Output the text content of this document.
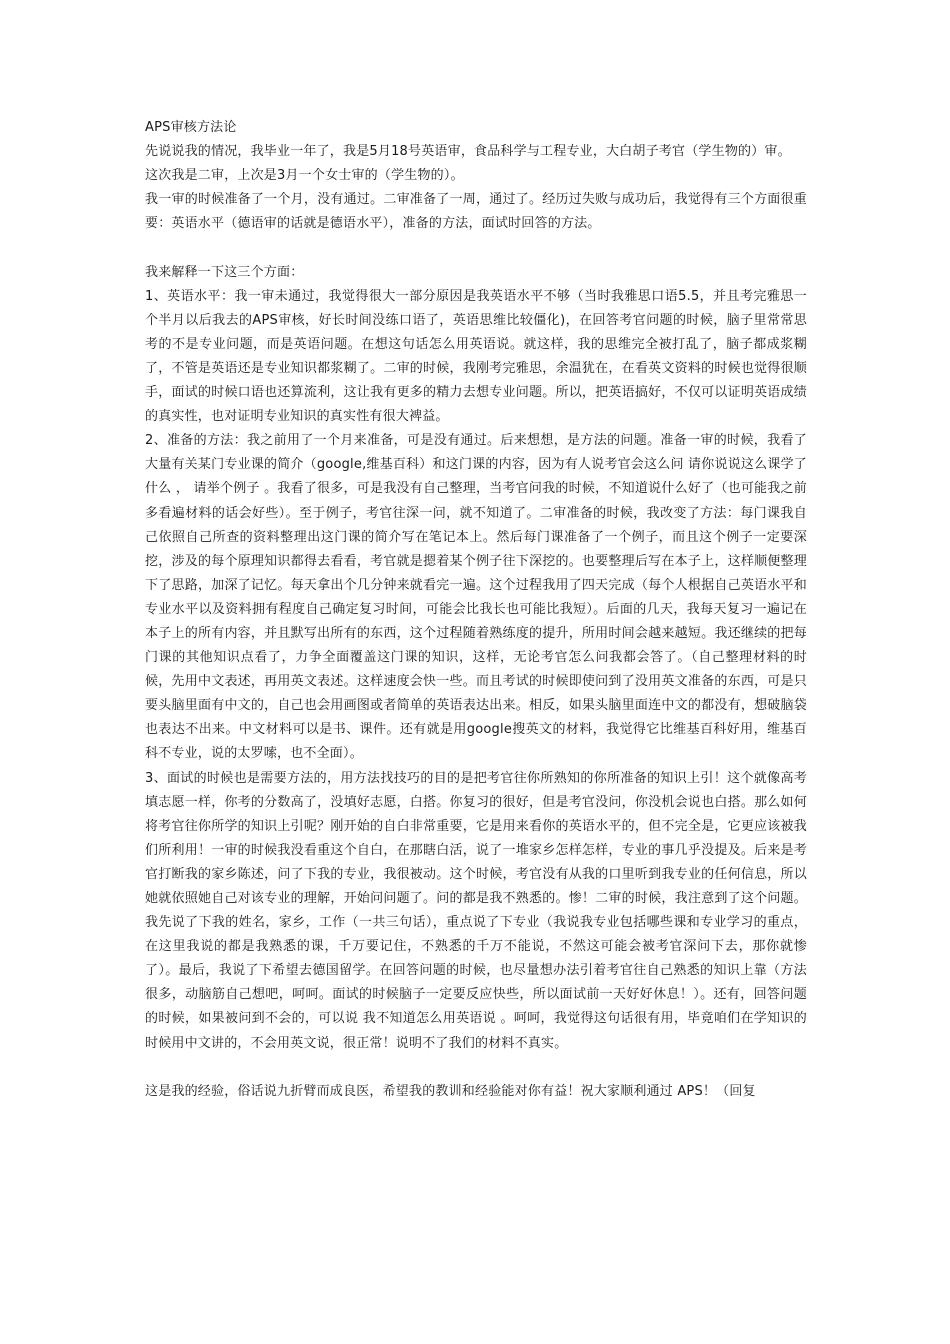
APS审核方法论

先说说我的情况，我毕业一年了，我是5月18号英语审，食品科学与工程专业，大白胡子考官（学生物的）审。

这次我是二审，上次是3月一个女士审的（学生物的）。

我一审的时候准备了一个月，没有通过。二审准备了一周，通过了。经历过失败与成功后，我觉得有三个方面很重要：英语水平（德语审的话就是德语水平），准备的方法，面试时回答的方法。

我来解释一下这三个方面：

1、英语水平：我一审未通过，我觉得很大一部分原因是我英语水平不够（当时我雅思口语5.5，并且考完雅思一个半月以后我去的APS审核，好长时间没练口语了，英语思维比较僵化)，在回答考官问题的时候，脑子里常常思考的不是专业问题，而是英语问题。在想这句话怎么用英语说。就这样，我的思维完全被打乱了，脑子都成浆糊了，不管是英语还是专业知识都浆糊了。二审的时候，我刚考完雅思，余温犹在，在看英文资料的时候也觉得很顺手，面试的时候口语也还算流利，这让我有更多的精力去想专业问题。所以，把英语搞好，不仅可以证明英语成绩的真实性，也对证明专业知识的真实性有很大裨益。

2、准备的方法：我之前用了一个月来准备，可是没有通过。后来想想，是方法的问题。准备一审的时候，我看了大量有关某门专业课的简介（google,维基百科）和这门课的内容，因为有人说考官会这么问 请你说说这么课学了什么 ， 请举个例子 。我看了很多，可是我没有自己整理，当考官问我的时候，不知道说什么好了（也可能我之前多看遍材料的话会好些）。至于例子，考官往深一问，就不知道了。二审准备的时候，我改变了方法：每门课我自己依照自己所查的资料整理出这门课的简介写在笔记本上。然后每门课准备了一个例子，而且这个例子一定要深挖，涉及的每个原理知识都得去看看，考官就是摁着某个例子往下深挖的。也要整理后写在本子上，这样顺便整理下了思路，加深了记忆。每天拿出个几分钟来就看完一遍。这个过程我用了四天完成（每个人根据自己英语水平和专业水平以及资料拥有程度自己确定复习时间，可能会比我长也可能比我短）。后面的几天，我每天复习一遍记在本子上的所有内容，并且默写出所有的东西，这个过程随着熟练度的提升，所用时间会越来越短。我还继续的把每门课的其他知识点看了，力争全面覆盖这门课的知识，这样，无论考官怎么问我都会答了。（自己整理材料的时候，先用中文表述，再用英文表述。这样速度会快一些。而且考试的时候即使问到了没用英文准备的东西，可是只要头脑里面有中文的，自己也会用画图或者简单的英语表达出来。相反，如果头脑里面连中文的都没有，想破脑袋也表达不出来。中文材料可以是书、课件。还有就是用google搜英文的材料，我觉得它比维基百科好用，维基百科不专业，说的太罗嗦，也不全面）。

3、面试的时候也是需要方法的，用方法找技巧的目的是把考官往你所熟知的你所准备的知识上引！这个就像高考填志愿一样，你考的分数高了，没填好志愿，白搭。你复习的很好，但是考官没问，你没机会说也白搭。那么如何将考官往你所学的知识上引呢？刚开始的自白非常重要，它是用来看你的英语水平的，但不完全是，它更应该被我们所利用！一审的时候我没看重这个自白，在那瞎白活，说了一堆家乡怎样怎样，专业的事几乎没提及。后来是考官打断我的家乡陈述，问了下我的专业，我很被动。这个时候，考官没有从我的口里听到我专业的任何信息，所以她就依照她自己对该专业的理解，开始问问题了。问的都是我不熟悉的。惨！二审的时候，我注意到了这个问题。我先说了下我的姓名，家乡，工作（一共三句话），重点说了下专业（我说我专业包括哪些课和专业学习的重点，在这里我说的都是我熟悉的课，千万要记住，不熟悉的千万不能说，不然这可能会被考官深问下去，那你就惨了）。最后，我说了下希望去德国留学。在回答问题的时候，也尽量想办法引着考官往自己熟悉的知识上靠（方法很多，动脑筋自己想吧，呵呵。面试的时候脑子一定要反应快些，所以面试前一天好好休息！）。还有，回答问题的时候，如果被问到不会的，可以说 我不知道怎么用英语说 。呵呵，我觉得这句话很有用，毕竟咱们在学知识的时候用中文讲的，不会用英文说，很正常！说明不了我们的材料不真实。

这是我的经验，俗话说九折臂而成良医，希望我的教训和经验能对你有益！祝大家顺利通过 APS！（回复
